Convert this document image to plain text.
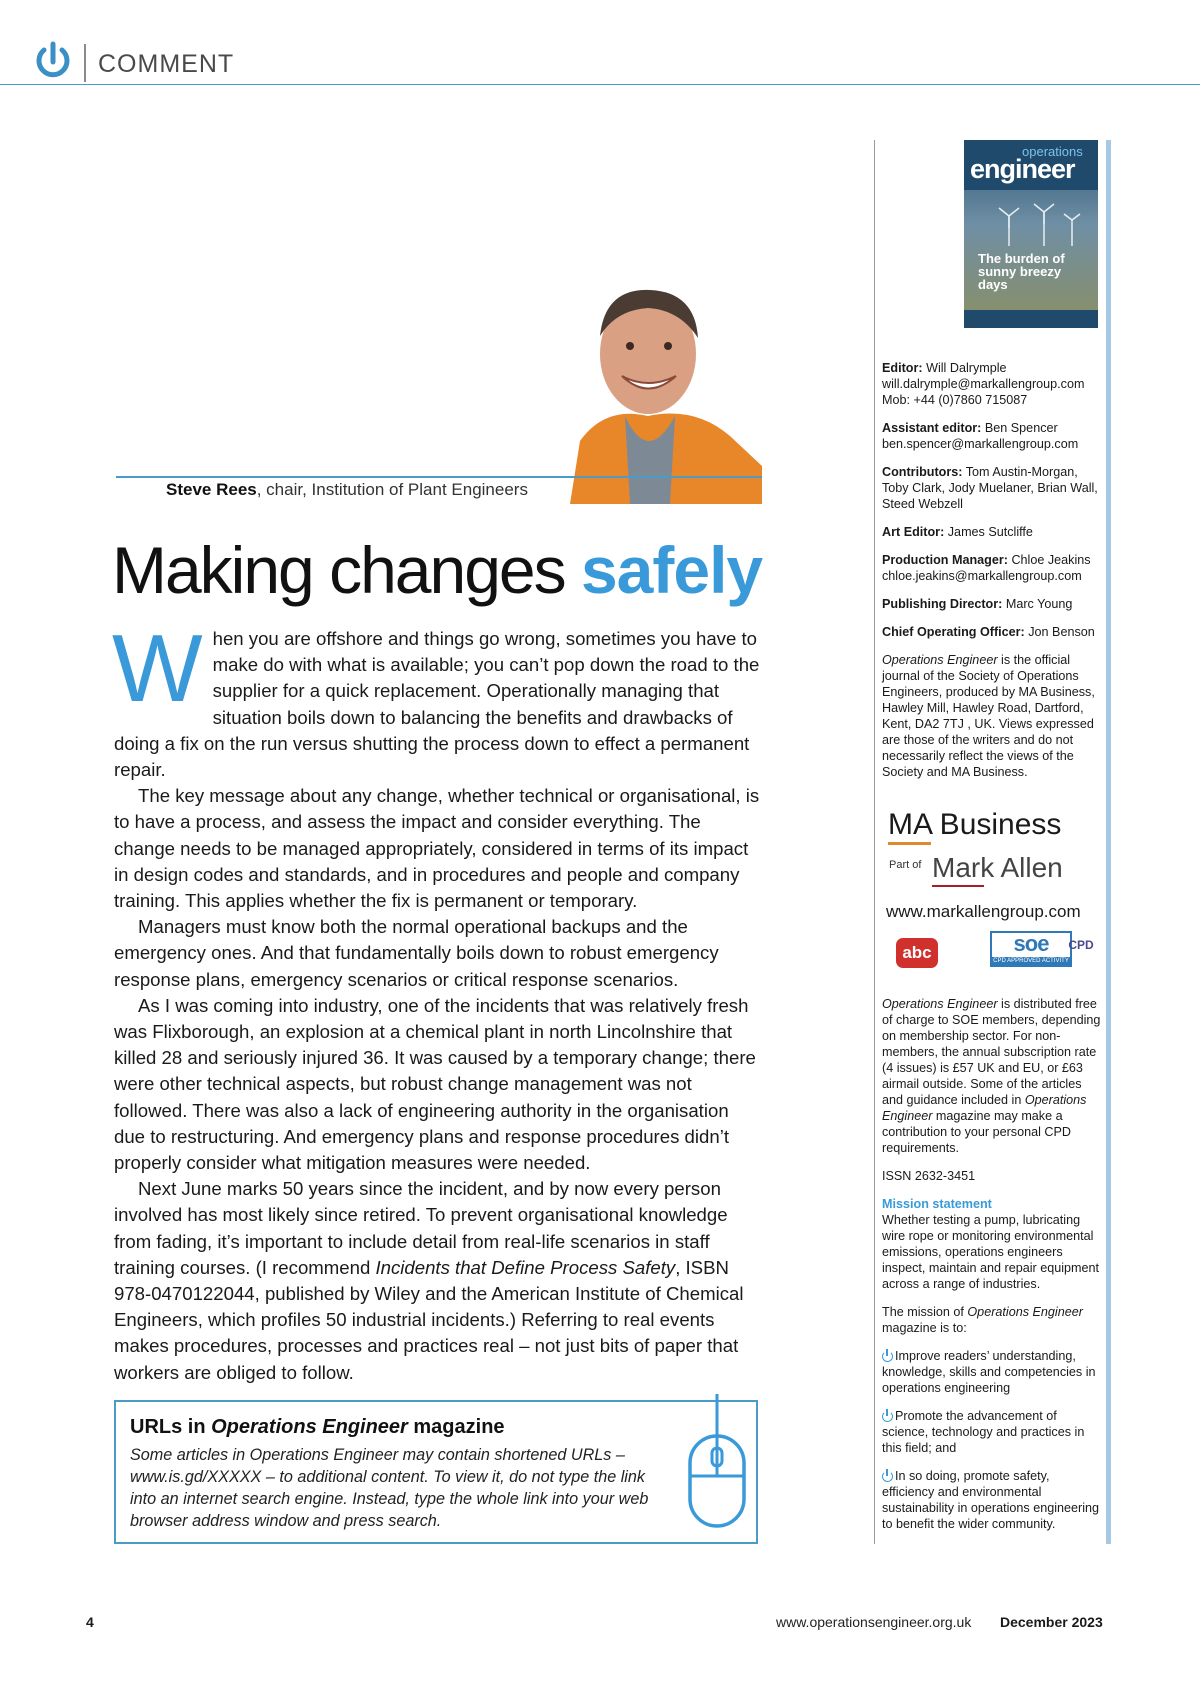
COMMENT
Steve Rees, chair, Institution of Plant Engineers
Making changes safely

When you are offshore and things go wrong, sometimes you have to make do with what is available; you can’t pop down the road to the supplier for a quick replacement. Operationally managing that situation boils down to balancing the benefits and drawbacks of doing a fix on the run versus shutting the process down to effect a permanent repair.

The key message about any change, whether technical or organisational, is to have a process, and assess the impact and consider everything. The change needs to be managed appropriately, considered in terms of its impact in design codes and standards, and in procedures and people and company training. This applies whether the fix is permanent or temporary.

Managers must know both the normal operational backups and the emergency ones. And that fundamentally boils down to robust emergency response plans, emergency scenarios or critical response scenarios.

As I was coming into industry, one of the incidents that was relatively fresh was Flixborough, an explosion at a chemical plant in north Lincolnshire that killed 28 and seriously injured 36. It was caused by a temporary change; there were other technical aspects, but robust change management was not followed. There was also a lack of engineering authority in the organisation due to restructuring. And emergency plans and response procedures didn’t properly consider what mitigation measures were needed.

Next June marks 50 years since the incident, and by now every person involved has most likely since retired. To prevent organisational knowledge from fading, it’s important to include detail from real-life scenarios in staff training courses. (I recommend Incidents that Define Process Safety, ISBN 978-0470122044, published by Wiley and the American Institute of Chemical Engineers, which profiles 50 industrial incidents.) Referring to real events makes procedures, processes and practices real – not just bits of paper that workers are obliged to follow.

URLs in Operations Engineer magazine
Some articles in Operations Engineer may contain shortened URLs – www.is.gd/XXXXX – to additional content. To view it, do not type the link into an internet search engine. Instead, type the whole link into your web browser address window and press search.
operations
engineer
The burden of sunny breezy days

Editor: Will Dalrymple
will.dalrymple@markallengroup.com
Mob: +44 (0)7860 715087

Assistant editor: Ben Spencer
ben.spencer@markallengroup.com

Contributors: Tom Austin-Morgan, Toby Clark, Jody Muelaner, Brian Wall, Steed Webzell

Art Editor: James Sutcliffe

Production Manager: Chloe Jeakins
chloe.jeakins@markallengroup.com

Publishing Director: Marc Young

Chief Operating Officer: Jon Benson

Operations Engineer is the official journal of the Society of Operations Engineers, produced by MA Business, Hawley Mill, Hawley Road, Dartford, Kent, DA2 7TJ , UK. Views expressed are those of the writers and do not necessarily reflect the views of the Society and MA Business.

MA Business
Part of Mark Allen
www.markallengroup.com
abc	soe
CPD APPROVED ACTIVITY
CPD

Operations Engineer is distributed free of charge to SOE members, depending on membership sector. For non-members, the annual subscription rate (4 issues) is £57 UK and EU, or £63 airmail outside. Some of the articles and guidance included in Operations Engineer magazine may make a contribution to your personal CPD requirements.

ISSN 2632-3451

Mission statement
Whether testing a pump, lubricating wire rope or monitoring environmental emissions, operations engineers inspect, maintain and repair equipment across a range of industries.

The mission of Operations Engineer magazine is to:

Improve readers’ understanding, knowledge, skills and competencies in operations engineering

Promote the advancement of science, technology and practices in this field; and

In so doing, promote safety, efficiency and environmental sustainability in operations engineering to benefit the wider community.

4	www.operationsengineer.org.uk December 2023
